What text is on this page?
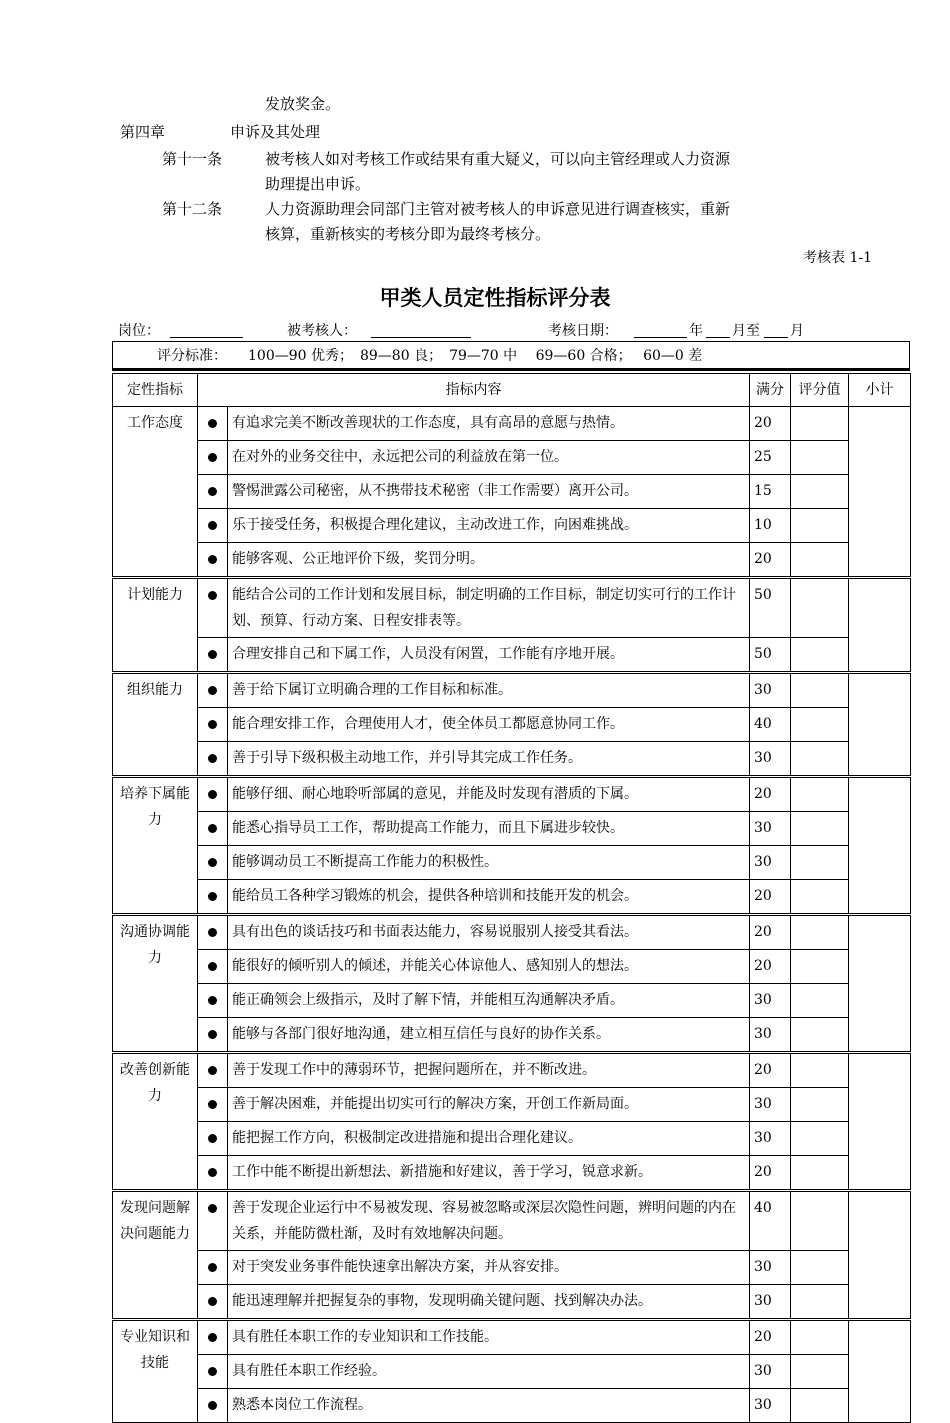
发放奖金。
第四章	申诉及其处理
第十一条	被考核人如对考核工作或结果有重大疑义，可以向主管经理或人力资源
助理提出申诉。
第十二条	人力资源助理会同部门主管对被考核人的申诉意见进行调查核实，重新
核算，重新核实的考核分即为最终考核分。
考核表 1-1
甲类人员定性指标评分表
岗位：	被考核人：	考核日期：	年 月至 月
评分标准：　　100—90 优秀；　89—80 良；　79—70 中　 69—60 合格；　 60—0 差
定性指标	指标内容		满分	评分值	小计
工作态度		有追求完美不断改善现状的工作态度，具有高昂的意愿与热情。	20		
		在对外的业务交往中，永远把公司的利益放在第一位。	25		
		警惕泄露公司秘密，从不携带技术秘密（非工作需要）离开公司。	15		
		乐于接受任务，积极提合理化建议，主动改进工作，向困难挑战。	10		
		能够客观、公正地评价下级，奖罚分明。	20		
计划能力		能结合公司的工作计划和发展目标，制定明确的工作目标，制定切实可行的工作计划、预算、行动方案、日程安排表等。	50		
		合理安排自己和下属工作，人员没有闲置，工作能有序地开展。	50		
组织能力		善于给下属订立明确合理的工作目标和标准。	30		
		能合理安排工作，合理使用人才，使全体员工都愿意协同工作。	40		
		善于引导下级积极主动地工作，并引导其完成工作任务。	30		
培养下属能力		能够仔细、耐心地聆听部属的意见，并能及时发现有潜质的下属。	20		
		能悉心指导员工工作，帮助提高工作能力，而且下属进步较快。	30		
		能够调动员工不断提高工作能力的积极性。	30		
		能给员工各种学习锻炼的机会，提供各种培训和技能开发的机会。	20		
沟通协调能力		具有出色的谈话技巧和书面表达能力，容易说服别人接受其看法。	20		
		能很好的倾听别人的倾述，并能关心体谅他人、感知别人的想法。	20		
		能正确领会上级指示，及时了解下情，并能相互沟通解决矛盾。	30		
		能够与各部门很好地沟通，建立相互信任与良好的协作关系。	30		
改善创新能力		善于发现工作中的薄弱环节，把握问题所在，并不断改进。	20		
		善于解决困难，并能提出切实可行的解决方案，开创工作新局面。	30		
		能把握工作方向，积极制定改进措施和提出合理化建议。	30		
		工作中能不断提出新想法、新措施和好建议，善于学习，锐意求新。	20		
发现问题解决问题能力		善于发现企业运行中不易被发现、容易被忽略或深层次隐性问题，辨明问题的内在关系，并能防微杜渐，及时有效地解决问题。	40		
		对于突发业务事件能快速拿出解决方案，并从容安排。	30		
		能迅速理解并把握复杂的事物，发现明确关键问题、找到解决办法。	30		
专业知识和技能		具有胜任本职工作的专业知识和工作技能。	20		
		具有胜任本职工作经验。	30		
		熟悉本岗位工作流程。	30		
